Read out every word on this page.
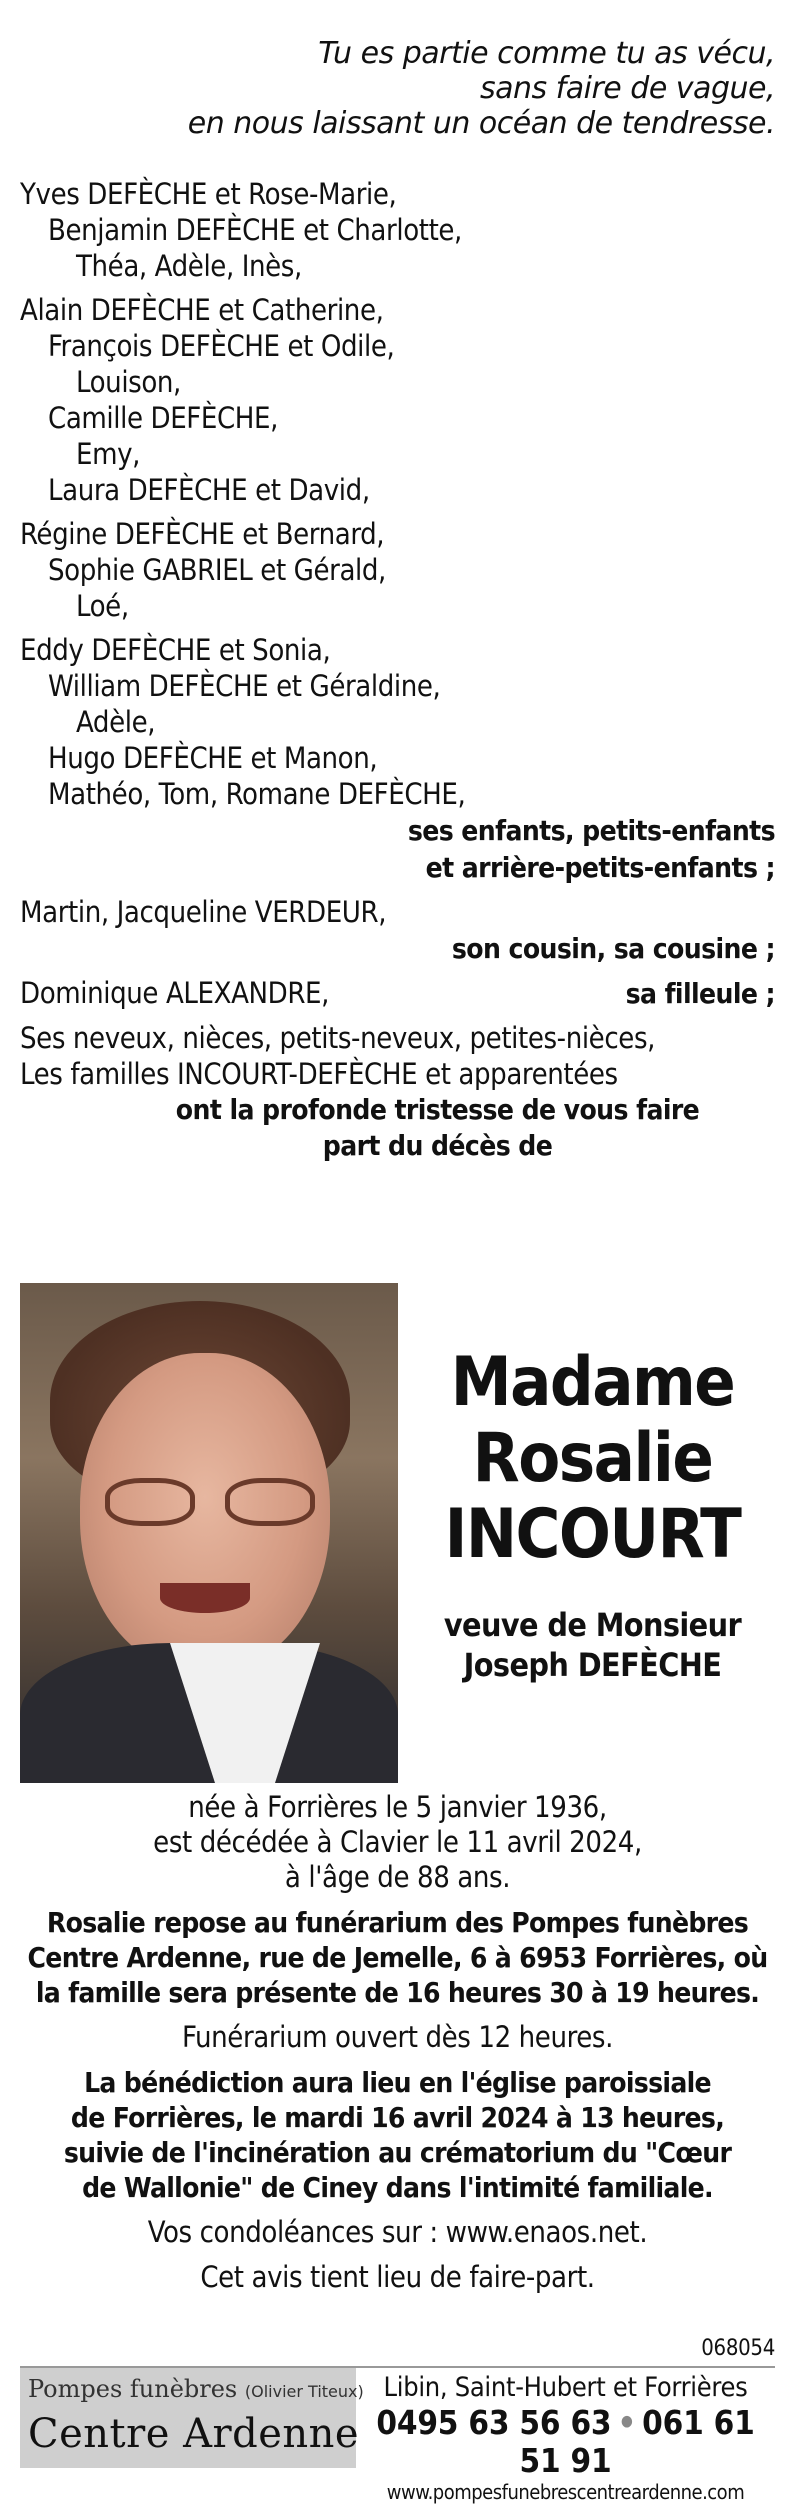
Tu es partie comme tu as vécu,
sans faire de vague,
en nous laissant un océan de tendresse.
Yves DEFÈCHE et Rose-Marie,
Benjamin DEFÈCHE et Charlotte,
Théa, Adèle, Inès,
Alain DEFÈCHE et Catherine,
François DEFÈCHE et Odile,
Louison,
Camille DEFÈCHE,
Emy,
Laura DEFÈCHE et David,
Régine DEFÈCHE et Bernard,
Sophie GABRIEL et Gérald,
Loé,
Eddy DEFÈCHE et Sonia,
William DEFÈCHE et Géraldine,
Adèle,
Hugo DEFÈCHE et Manon,
Mathéo, Tom, Romane DEFÈCHE,
ses enfants, petits-enfants
et arrière-petits-enfants ;
Martin, Jacqueline VERDEUR,
son cousin, sa cousine ;
Dominique ALEXANDRE,	sa filleule ;
Ses neveux, nièces, petits-neveux, petites-nièces,
Les familles INCOURT-DEFÈCHE et apparentées
ont la profonde tristesse de vous faire
part du décès de
Madame
Rosalie
INCOURT
veuve de Monsieur
Joseph DEFÈCHE
née à Forrières le 5 janvier 1936,
est décédée à Clavier le 11 avril 2024,
à l'âge de 88 ans.
Rosalie repose au funérarium des Pompes funèbres
Centre Ardenne, rue de Jemelle, 6 à 6953 Forrières, où
la famille sera présente de 16 heures 30 à 19 heures.
Funérarium ouvert dès 12 heures.
La bénédiction aura lieu en l'église paroissiale
de Forrières, le mardi 16 avril 2024 à 13 heures,
suivie de l'incinération au crématorium du "Cœur
de Wallonie" de Ciney dans l'intimité familiale.
Vos condoléances sur : www.enaos.net.
Cet avis tient lieu de faire-part.
068054
Pompes funèbres (Olivier Titeux)
Centre Ardenne
Libin, Saint-Hubert et Forrières
0495 63 56 63 • 061 61 51 91
www.pompesfunebrescentreardenne.com
